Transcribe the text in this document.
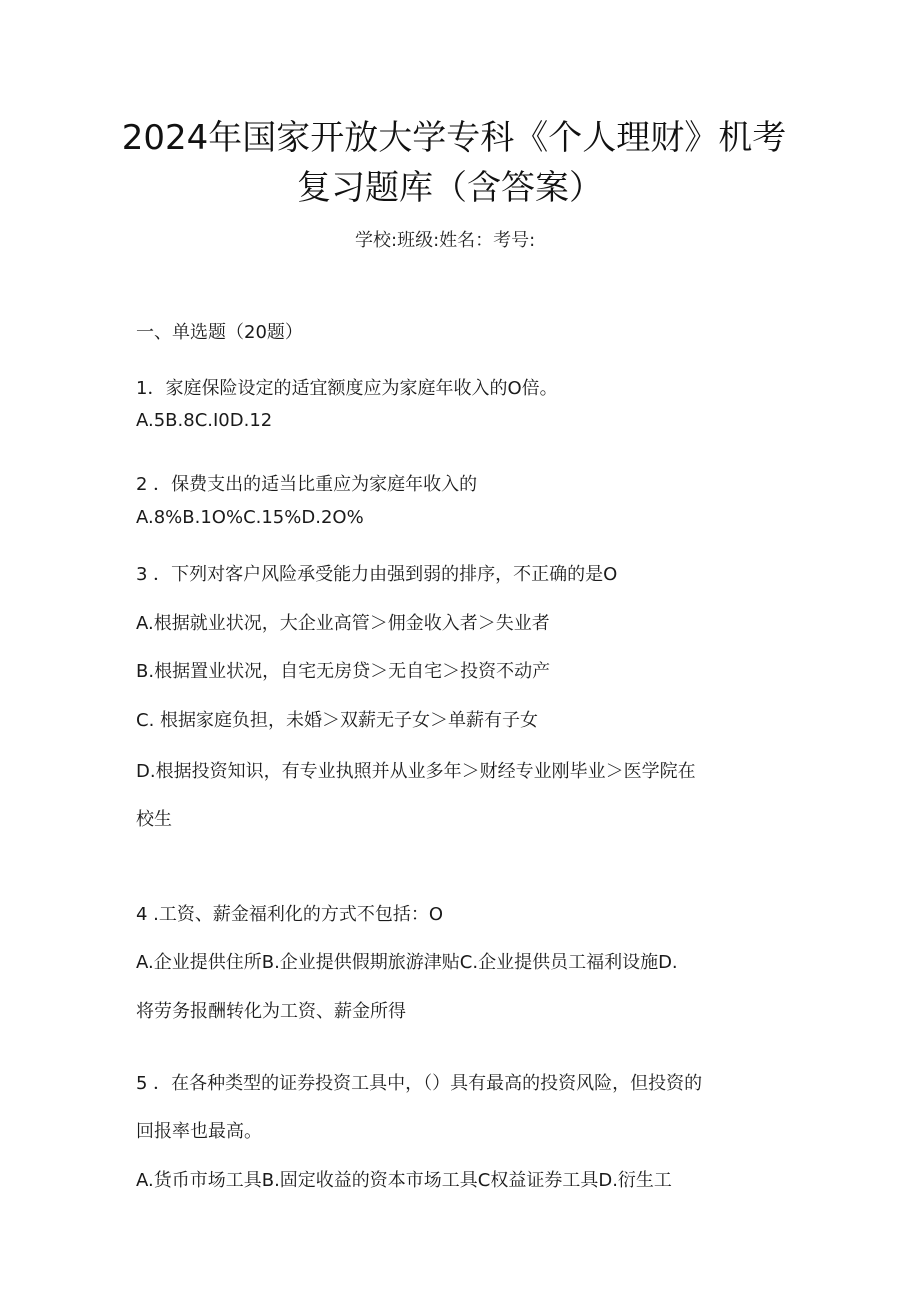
2024年国家开放大学专科《个人理财》机考
复习题库（含答案）
学校:班级:姓名：考号:
一、单选题（20题）
1．家庭保险设定的适宜额度应为家庭年收入的O倍。
A.5B.8C.I0D.12
2 ．保费支出的适当比重应为家庭年收入的
A.8%B.1O%C.15%D.2O%
3 ．下列对客户风险承受能力由强到弱的排序，不正确的是O
A.根据就业状况，大企业高管＞佣金收入者＞失业者
B.根据置业状况，自宅无房贷＞无自宅＞投资不动产
C. 根据家庭负担，未婚＞双薪无子女＞单薪有子女
D.根据投资知识，有专业执照并从业多年＞财经专业刚毕业＞医学院在
校生
4 .工资、薪金福利化的方式不包括：O
A.企业提供住所B.企业提供假期旅游津贴C.企业提供员工福利设施D.
将劳务报酬转化为工资、薪金所得
5 ．在各种类型的证券投资工具中，（）具有最高的投资风险，但投资的
回报率也最高。
A.货币市场工具B.固定收益的资本市场工具C权益证券工具D.衍生工
